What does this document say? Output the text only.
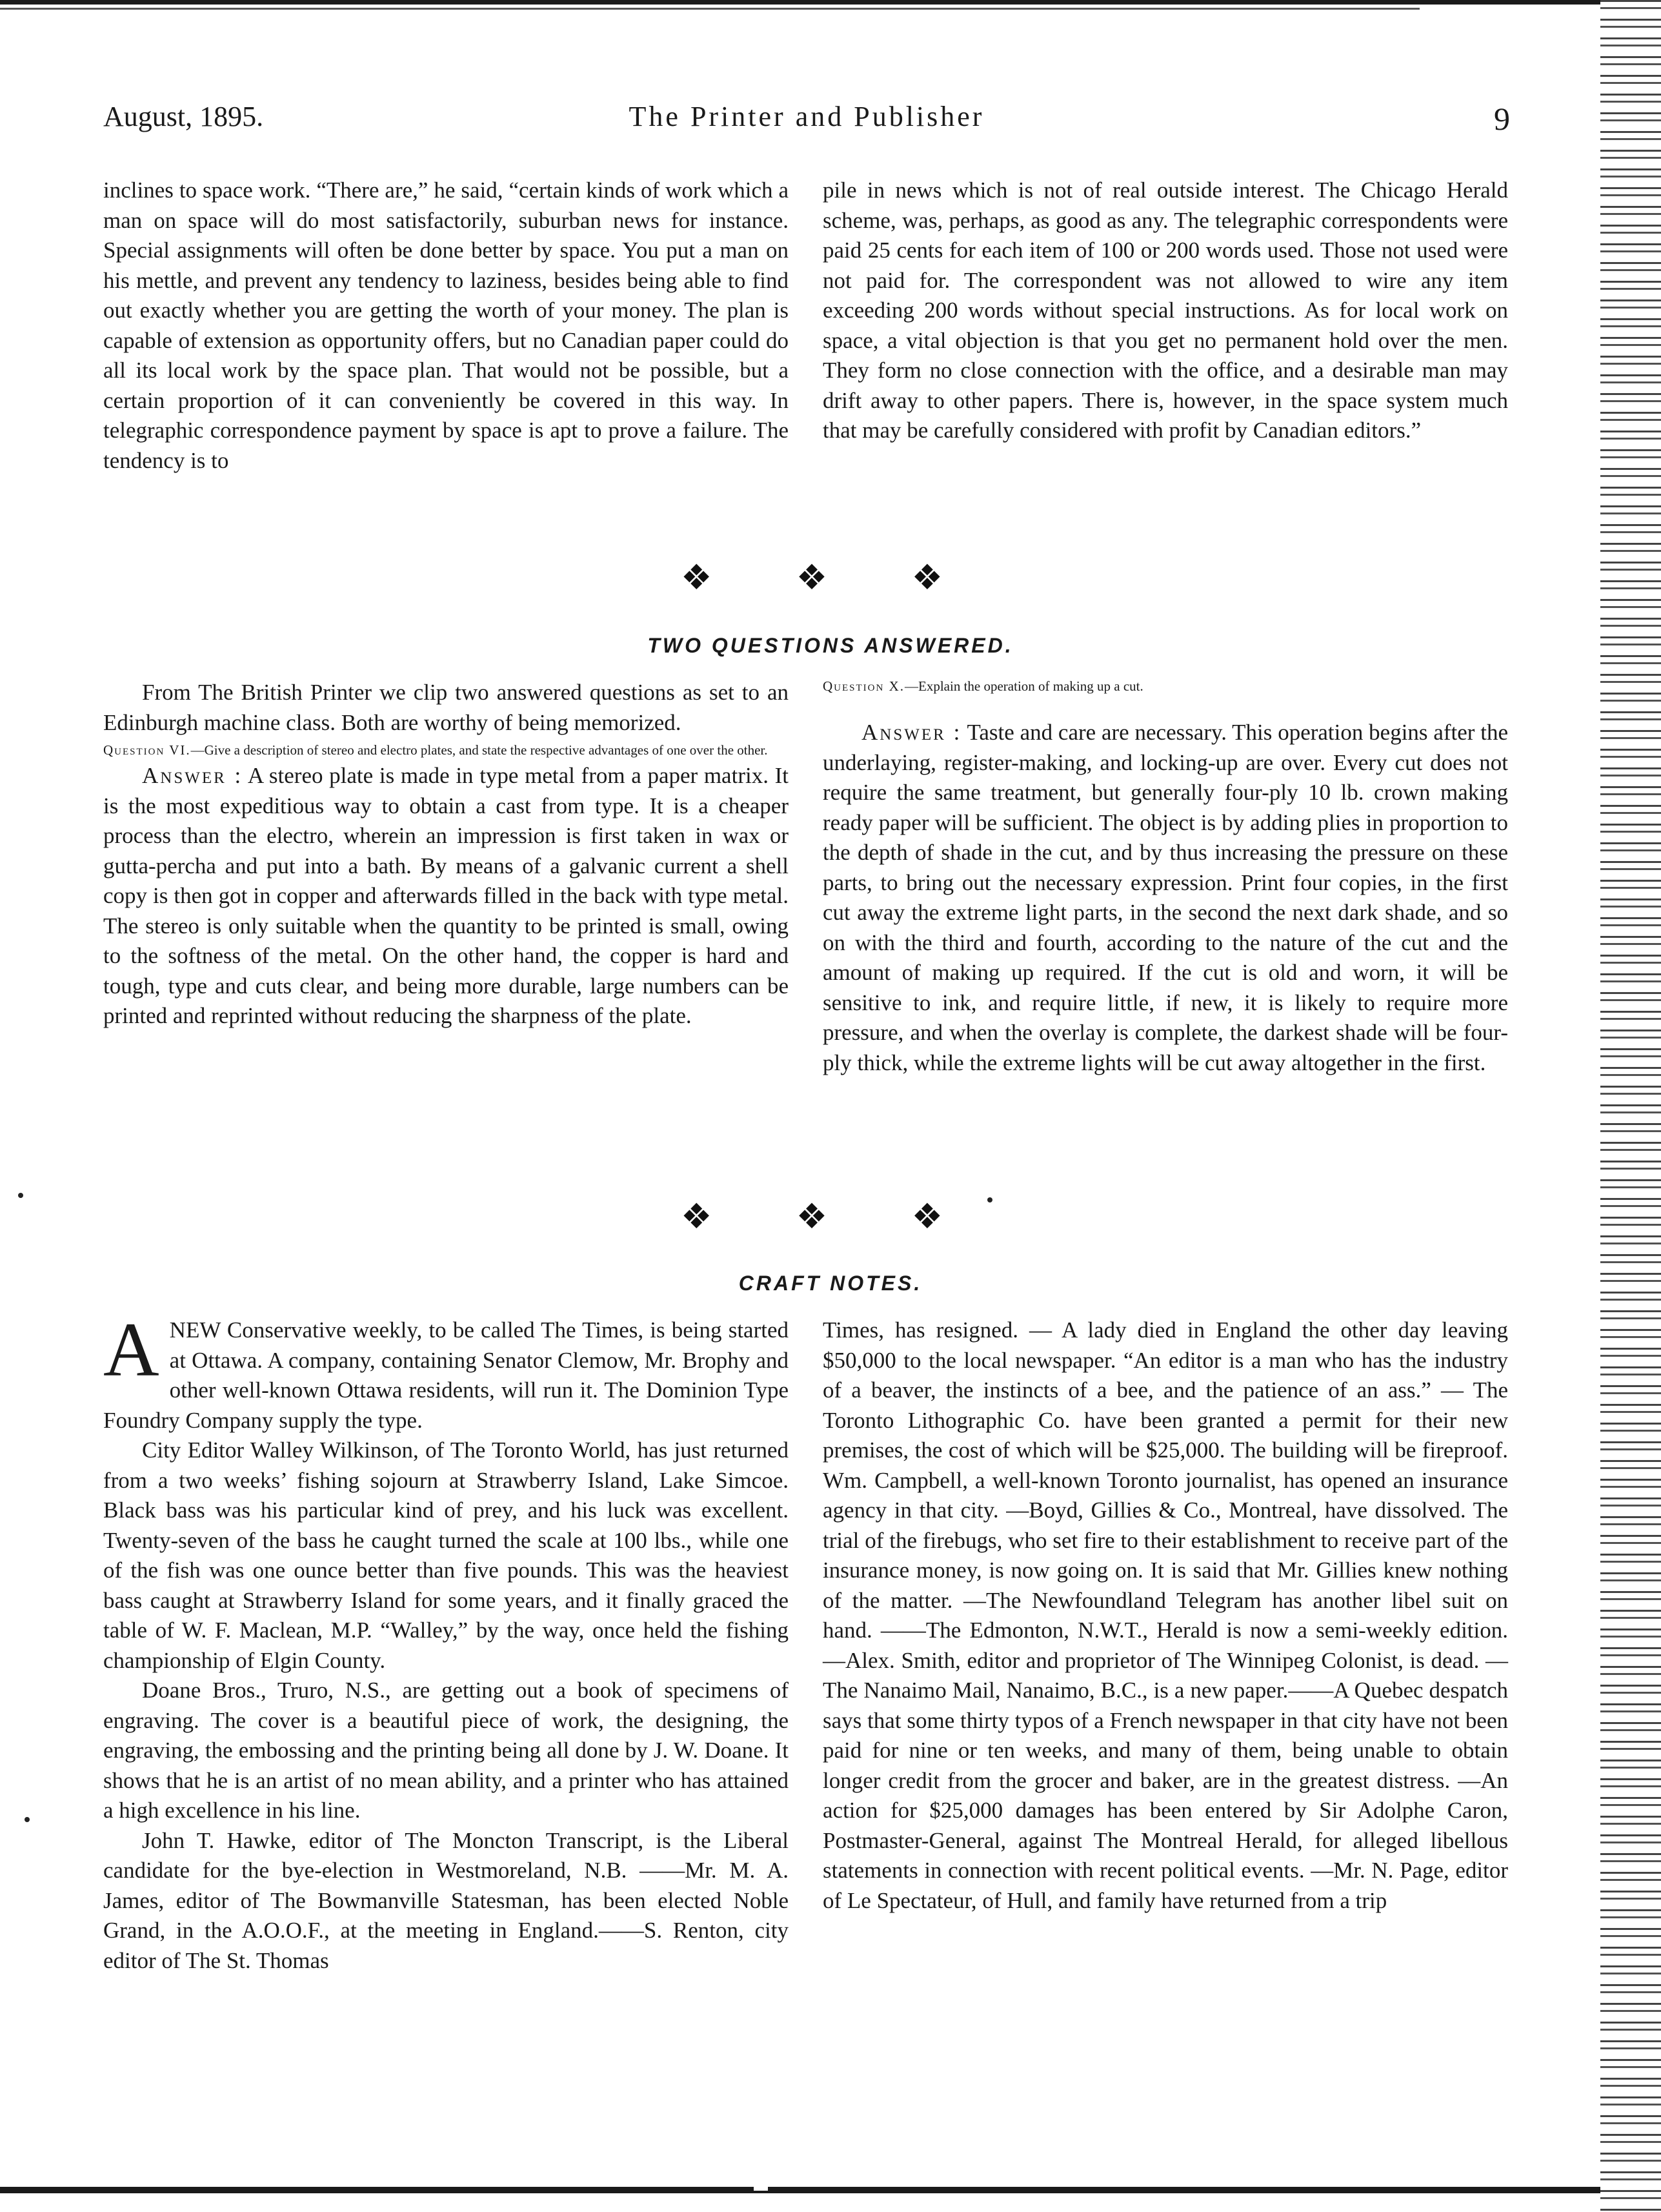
August, 1895.	The Printer and Publisher	9

inclines to space work. “There are,” he said, “certain kinds of work which a man on space will do most satisfactorily, suburban news for instance. Special assignments will often be done better by space. You put a man on his mettle, and prevent any tendency to laziness, besides being able to find out exactly whether you are getting the worth of your money. The plan is capable of extension as opportunity offers, but no Canadian paper could do all its local work by the space plan. That would not be possible, but a certain proportion of it can conveniently be covered in this way. In telegraphic correspondence payment by space is apt to prove a failure. The tendency is to

pile in news which is not of real outside interest. The Chicago Herald scheme, was, perhaps, as good as any. The telegraphic correspondents were paid 25 cents for each item of 100 or 200 words used. Those not used were not paid for. The correspondent was not allowed to wire any item exceeding 200 words without special instructions. As for local work on space, a vital objection is that you get no permanent hold over the men. They form no close connection with the office, and a desirable man may drift away to other papers. There is, however, in the space system much that may be carefully considered with profit by Canadian editors.”

❖	❖	❖
TWO QUESTIONS ANSWERED.

From The British Printer we clip two answered questions as set to an Edinburgh machine class. Both are worthy of being memorized.

Question VI.—Give a description of stereo and electro plates, and state the respective advantages of one over the other.

Answer : A stereo plate is made in type metal from a paper matrix. It is the most expeditious way to obtain a cast from type. It is a cheaper process than the electro, wherein an impression is first taken in wax or gutta-percha and put into a bath. By means of a galvanic current a shell copy is then got in copper and afterwards filled in the back with type metal. The stereo is only suitable when the quantity to be printed is small, owing to the softness of the metal. On the other hand, the copper is hard and tough, type and cuts clear, and being more durable, large numbers can be printed and reprinted without reducing the sharpness of the plate.

Question X.—Explain the operation of making up a cut.

Answer : Taste and care are necessary. This operation begins after the underlaying, register-making, and locking-up are over. Every cut does not require the same treatment, but generally four-ply 10 lb. crown making ready paper will be sufficient. The object is by adding plies in proportion to the depth of shade in the cut, and by thus increasing the pressure on these parts, to bring out the necessary expression. Print four copies, in the first cut away the extreme light parts, in the second the next dark shade, and so on with the third and fourth, according to the nature of the cut and the amount of making up required. If the cut is old and worn, it will be sensitive to ink, and require little, if new, it is likely to require more pressure, and when the overlay is complete, the darkest shade will be four-ply thick, while the extreme lights will be cut away altogether in the first.

❖	❖	❖
CRAFT NOTES.

A NEW Conservative weekly, to be called The Times, is being started at Ottawa. A company, containing Senator Clemow, Mr. Brophy and other well-known Ottawa residents, will run it. The Dominion Type Foundry Company supply the type.

City Editor Walley Wilkinson, of The Toronto World, has just returned from a two weeks’ fishing sojourn at Strawberry Island, Lake Simcoe. Black bass was his particular kind of prey, and his luck was excellent. Twenty-seven of the bass he caught turned the scale at 100 lbs., while one of the fish was one ounce better than five pounds. This was the heaviest bass caught at Strawberry Island for some years, and it finally graced the table of W. F. Maclean, M.P. “Walley,” by the way, once held the fishing championship of Elgin County.

Doane Bros., Truro, N.S., are getting out a book of specimens of engraving. The cover is a beautiful piece of work, the designing, the engraving, the embossing and the printing being all done by J. W. Doane. It shows that he is an artist of no mean ability, and a printer who has attained a high excellence in his line.

John T. Hawke, editor of The Moncton Transcript, is the Liberal candidate for the bye-election in Westmoreland, N.B. ——Mr. M. A. James, editor of The Bowmanville Statesman, has been elected Noble Grand, in the A.O.O.F., at the meeting in England.——S. Renton, city editor of The St. Thomas

Times, has resigned. — A lady died in England the other day leaving $50,000 to the local newspaper. “An editor is a man who has the industry of a beaver, the instincts of a bee, and the patience of an ass.” — The Toronto Lithographic Co. have been granted a permit for their new premises, the cost of which will be $25,000. The building will be fireproof. Wm. Campbell, a well-known Toronto journalist, has opened an insurance agency in that city. —Boyd, Gillies & Co., Montreal, have dissolved. The trial of the firebugs, who set fire to their establishment to receive part of the insurance money, is now going on. It is said that Mr. Gillies knew nothing of the matter. —The Newfoundland Telegram has another libel suit on hand. ——The Edmonton, N.W.T., Herald is now a semi-weekly edition. —Alex. Smith, editor and proprietor of The Winnipeg Colonist, is dead. —The Nanaimo Mail, Nanaimo, B.C., is a new paper.——A Quebec despatch says that some thirty typos of a French newspaper in that city have not been paid for nine or ten weeks, and many of them, being unable to obtain longer credit from the grocer and baker, are in the greatest distress. —An action for $25,000 damages has been entered by Sir Adolphe Caron, Postmaster-General, against The Montreal Herald, for alleged libellous statements in connection with recent political events. —Mr. N. Page, editor of Le Spectateur, of Hull, and family have returned from a trip
